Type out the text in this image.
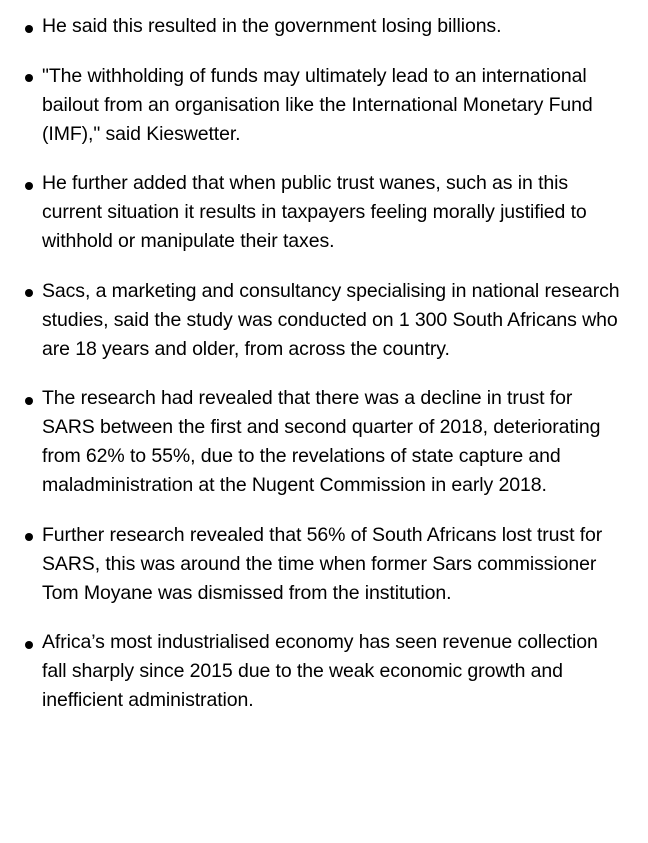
He said this resulted in the government losing billions.
"The withholding of funds may ultimately lead to an international bailout from an organisation like the International Monetary Fund (IMF)," said Kieswetter.
He further added that when public trust wanes, such as in this current situation it results in taxpayers feeling morally justified to withhold or manipulate their taxes.
Sacs, a marketing and consultancy specialising in national research studies, said the study was conducted on 1 300 South Africans who are 18 years and older, from across the country.
The research had revealed that there was a decline in trust for SARS between the first and second quarter of 2018, deteriorating from 62% to 55%, due to the revelations of state capture and maladministration at the Nugent Commission in early 2018.
Further research revealed that 56% of South Africans lost trust for SARS, this was around the time when former Sars commissioner Tom Moyane was dismissed from the institution.
Africa’s most industrialised economy has seen revenue collection fall sharply since 2015 due to the weak economic growth and inefficient administration.
